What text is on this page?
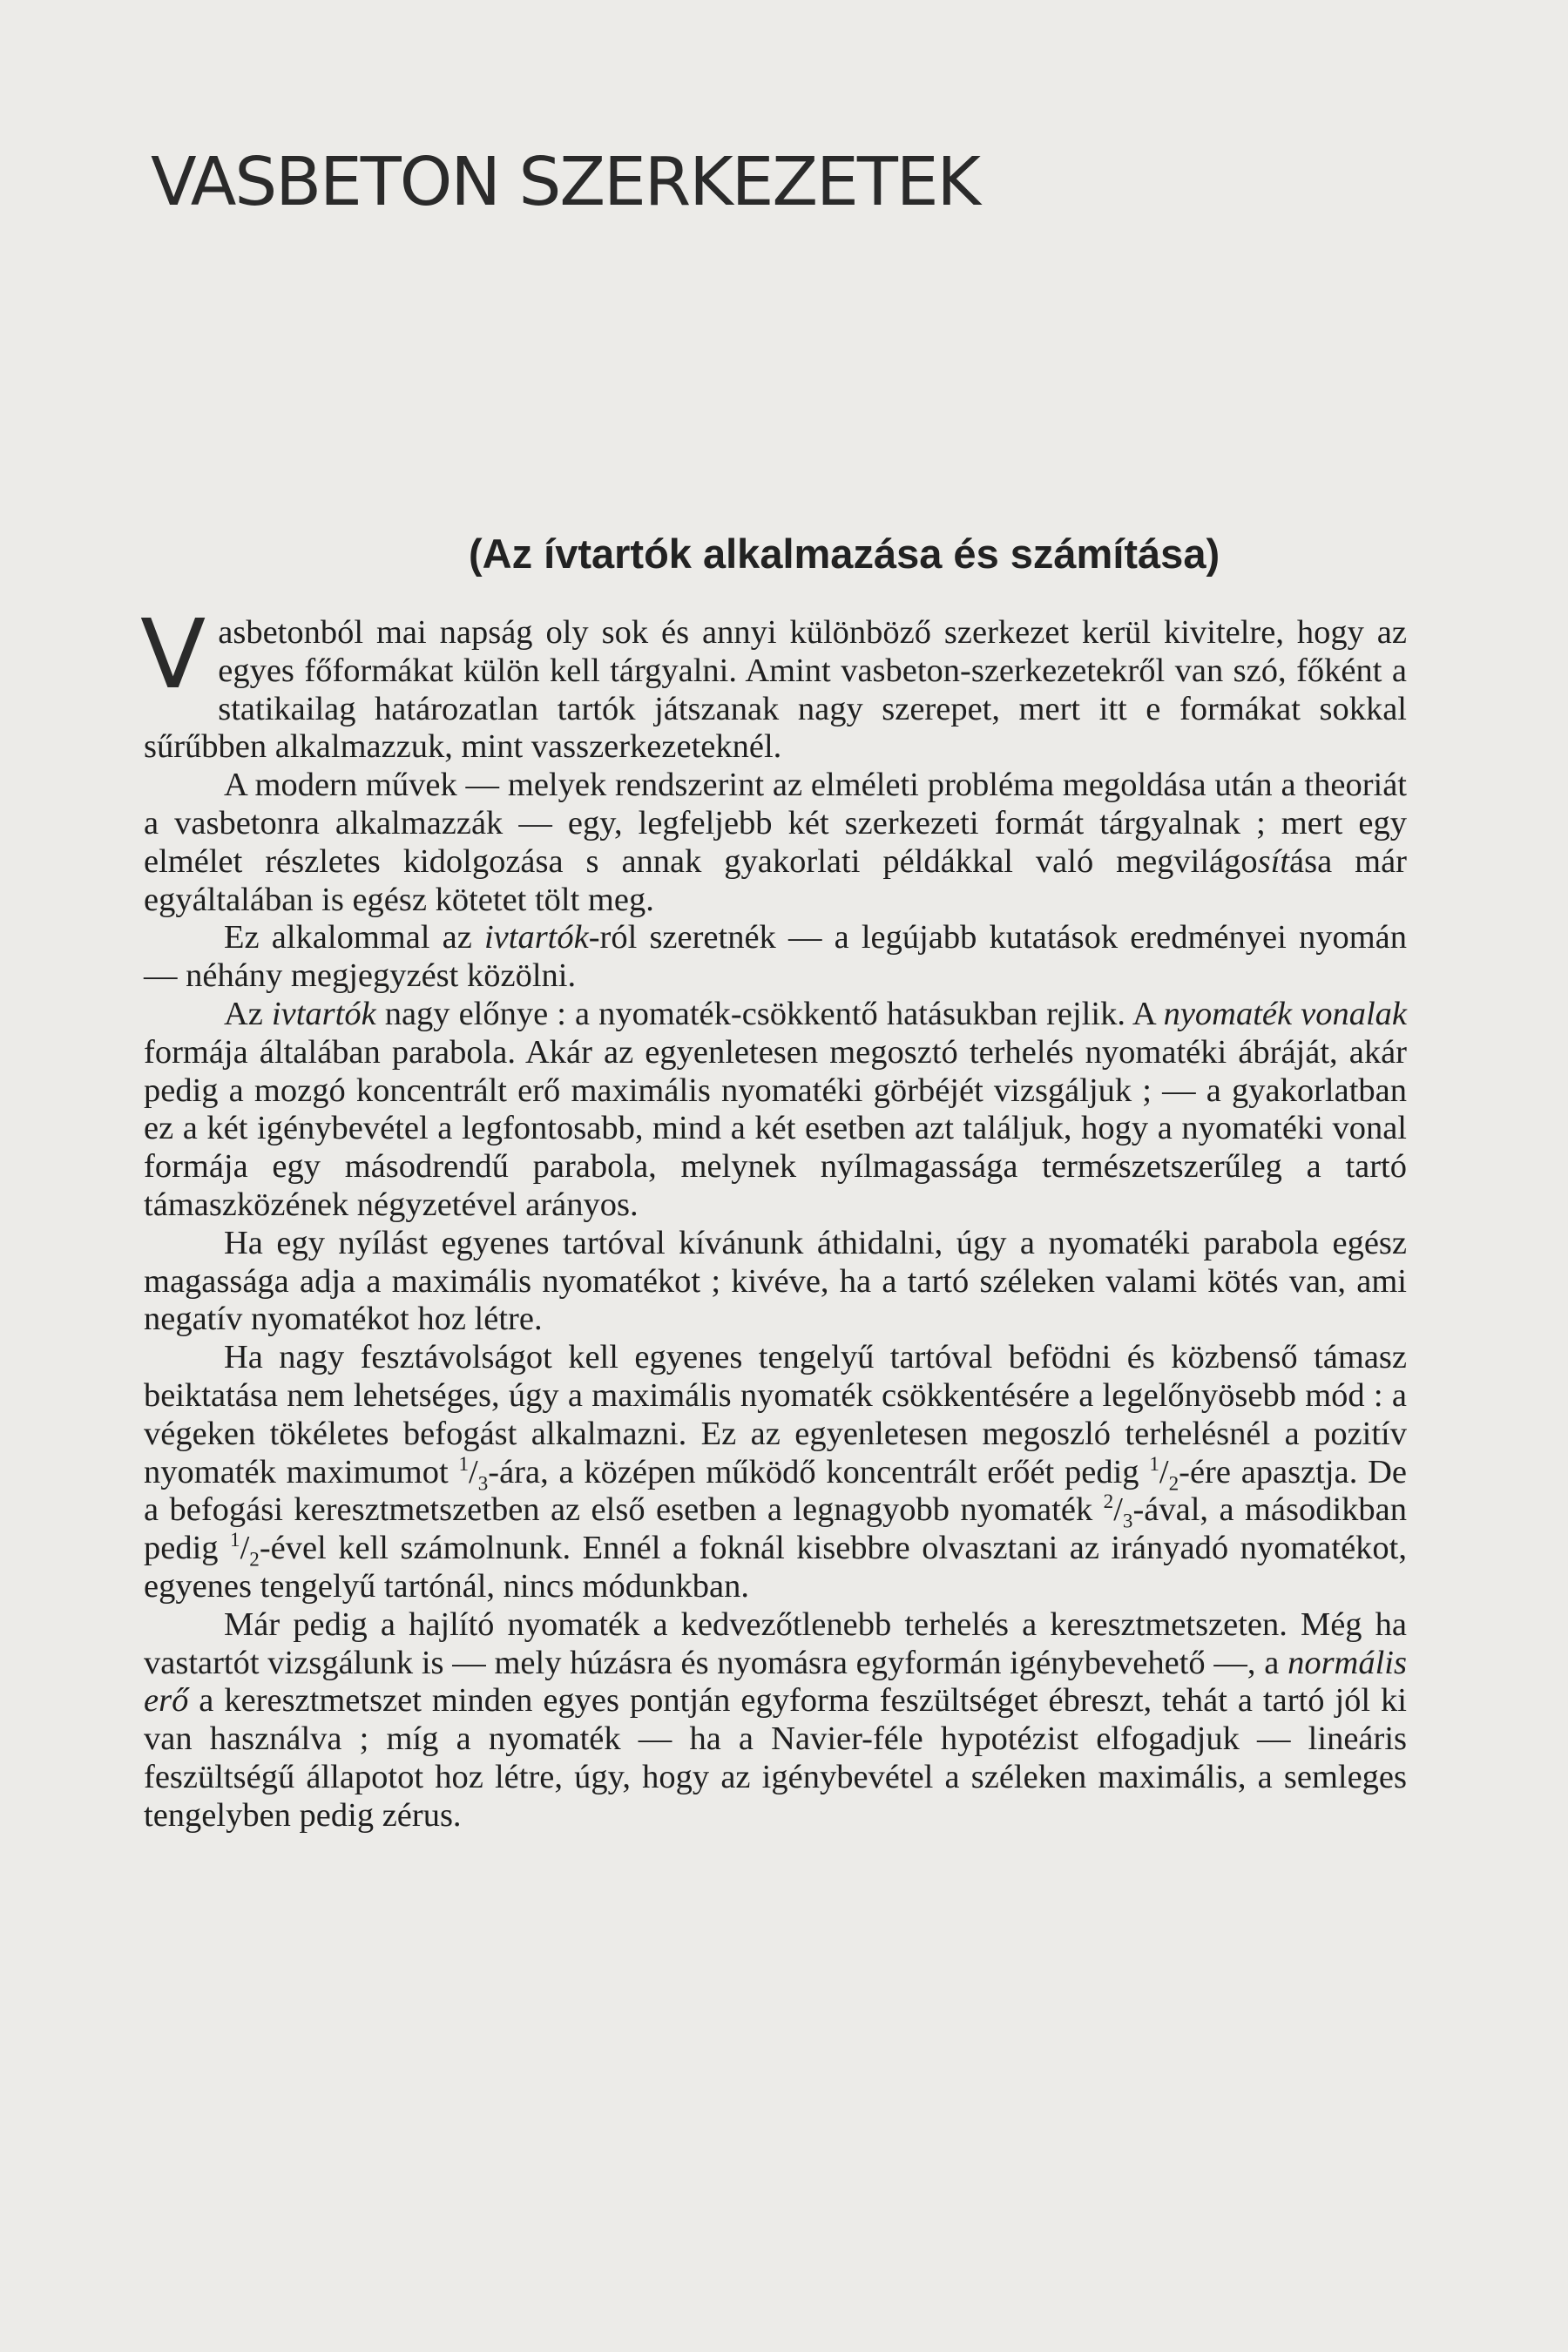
VASBETON SZERKEZETEK
(Az ívtartók alkalmazása és számítása)

Vasbetonból mai napság oly sok és annyi különböző szerkezet kerül kivitelre, hogy az egyes főformákat külön kell tárgyalni. Amint vasbeton-szerkezetekről van szó, főként a statikailag határozatlan tartók játszanak nagy szerepet, mert itt e formákat sokkal sűrűbben alkalmazzuk, mint vasszerkezeteknél.

A modern művek — melyek rendszerint az elméleti probléma megoldása után a theoriát a vasbetonra alkalmazzák — egy, legfeljebb két szerkezeti formát tárgyalnak ; mert egy elmélet részletes kidolgozása s annak gyakorlati példákkal való megvilágosítása már egyáltalában is egész kötetet tölt meg.

Ez alkalommal az ivtartók-ról szeretnék — a legújabb kutatások eredményei nyomán — néhány megjegyzést közölni.

Az ivtartók nagy előnye : a nyomaték-csökkentő hatásukban rejlik. A nyomaték vonalak formája általában parabola. Akár az egyenletesen megosztó terhelés nyomatéki ábráját, akár pedig a mozgó koncentrált erő maximális nyomatéki görbéjét vizsgáljuk ; — a gyakorlatban ez a két igénybevétel a legfontosabb, mind a két esetben azt találjuk, hogy a nyomatéki vonal formája egy másodrendű parabola, melynek nyílmagassága természetszerűleg a tartó támaszközének négyzetével arányos.

Ha egy nyílást egyenes tartóval kívánunk áthidalni, úgy a nyomatéki parabola egész magassága adja a maximális nyomatékot ; kivéve, ha a tartó széleken valami kötés van, ami negatív nyomatékot hoz létre.

Ha nagy fesztávolságot kell egyenes tengelyű tartóval befödni és közbenső támasz beiktatása nem lehetséges, úgy a maximális nyomaték csökkentésére a legelőnyösebb mód : a végeken tökéletes befogást alkalmazni. Ez az egyenletesen megoszló terhelésnél a pozitív nyomaték maximumot $^1/_3$-ára, a középen működő koncentrált erőét pedig $^1/_2$-ére apasztja. De a befogási keresztmetszetben az első esetben a legnagyobb nyomaték $^2/_3$-ával, a másodikban pedig $^1/_2$-ével kell számolnunk. Ennél a foknál kisebbre olvasztani az irányadó nyomatékot, egyenes tengelyű tartónál, nincs módunkban.

Már pedig a hajlító nyomaték a kedvezőtlenebb terhelés a keresztmetszeten. Még ha vastartót vizsgálunk is — mely húzásra és nyomásra egyformán igénybevehető —, a normális erő a keresztmetszet minden egyes pontján egyforma feszültséget ébreszt, tehát a tartó jól ki van használva ; míg a nyomaték — ha a Navier-féle hypotézist elfogadjuk — lineáris feszültségű állapotot hoz létre, úgy, hogy az igénybevétel a széleken maximális, a semleges tengelyben pedig zérus.
